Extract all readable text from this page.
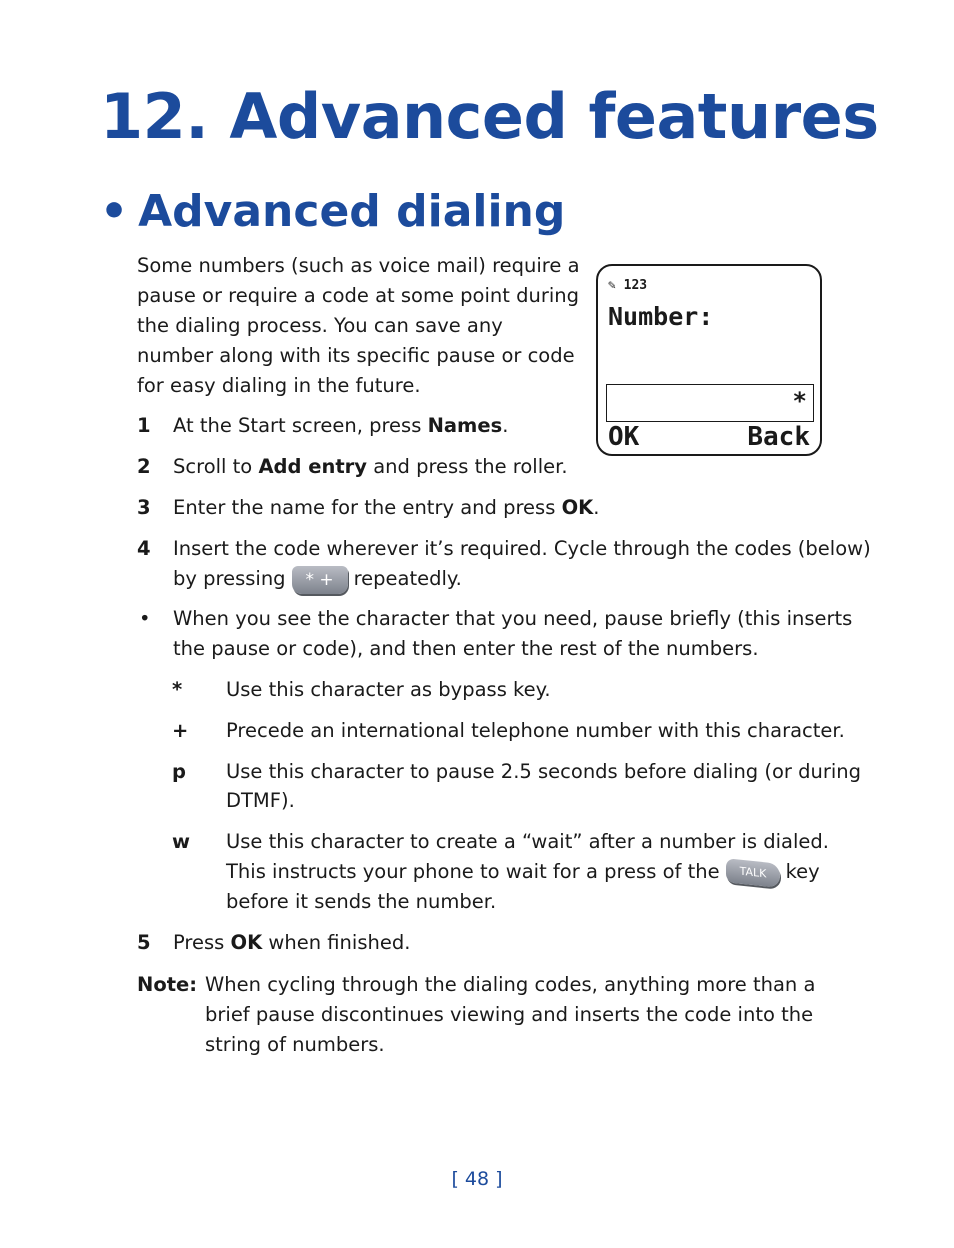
12. Advanced features
• Advanced dialing
Some numbers (such as voice mail) require a pause or require a code at some point during the dialing process. You can save any number along with its specific pause or code for easy dialing in the future.
✎ 123
Number:
*
OK	Back
1	At the Start screen, press Names.
2	Scroll to Add entry and press the roller.
3	Enter the name for the entry and press OK.
4	Insert the code wherever it’s required. Cycle through the codes (below)
by pressing * + repeatedly.
•	When you see the character that you need, pause briefly (this inserts
the pause or code), and then enter the rest of the numbers.
*	Use this character as bypass key.
+	Precede an international telephone number with this character.
p	Use this character to pause 2.5 seconds before dialing (or during
DTMF).
w	Use this character to create a “wait” after a number is dialed.
This instructs your phone to wait for a press of the TALK key
before it sends the number.
5	Press OK when finished.
Note: When cycling through the dialing codes, anything more than a brief pause discontinues viewing and inserts the code into the string of numbers.
[ 48 ]
